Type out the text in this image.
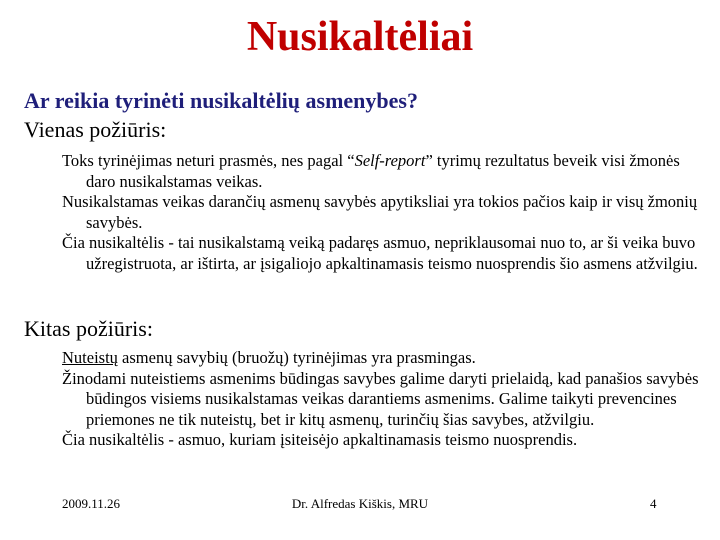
Nusikaltėliai
Ar reikia tyrinėti nusikaltėlių asmenybes?
Vienas požiūris:

Toks tyrinėjimas neturi prasmės, nes pagal “Self-report” tyrimų rezultatus beveik visi žmonės daro nusikalstamas veikas.

Nusikalstamas veikas darančių asmenų savybės apytiksliai yra tokios pačios kaip ir visų žmonių savybės.

Čia nusikaltėlis - tai nusikalstamą veiką padaręs asmuo, nepriklausomai nuo to, ar ši veika buvo užregistruota, ar ištirta, ar įsigaliojo apkaltinamasis teismo nuosprendis šio asmens atžvilgiu.

Kitas požiūris:

Nuteistų asmenų savybių (bruožų) tyrinėjimas yra prasmingas.

Žinodami nuteistiems asmenims būdingas savybes galime daryti prielaidą, kad panašios savybės būdingos visiems nusikalstamas veikas darantiems asmenims. Galime taikyti prevencines priemones ne tik nuteistų, bet ir kitų asmenų, turinčių šias savybes, atžvilgiu.

Čia nusikaltėlis - asmuo, kuriam įsiteisėjo apkaltinamasis teismo nuosprendis.

2009.11.26	Dr. Alfredas Kiškis, MRU	4
